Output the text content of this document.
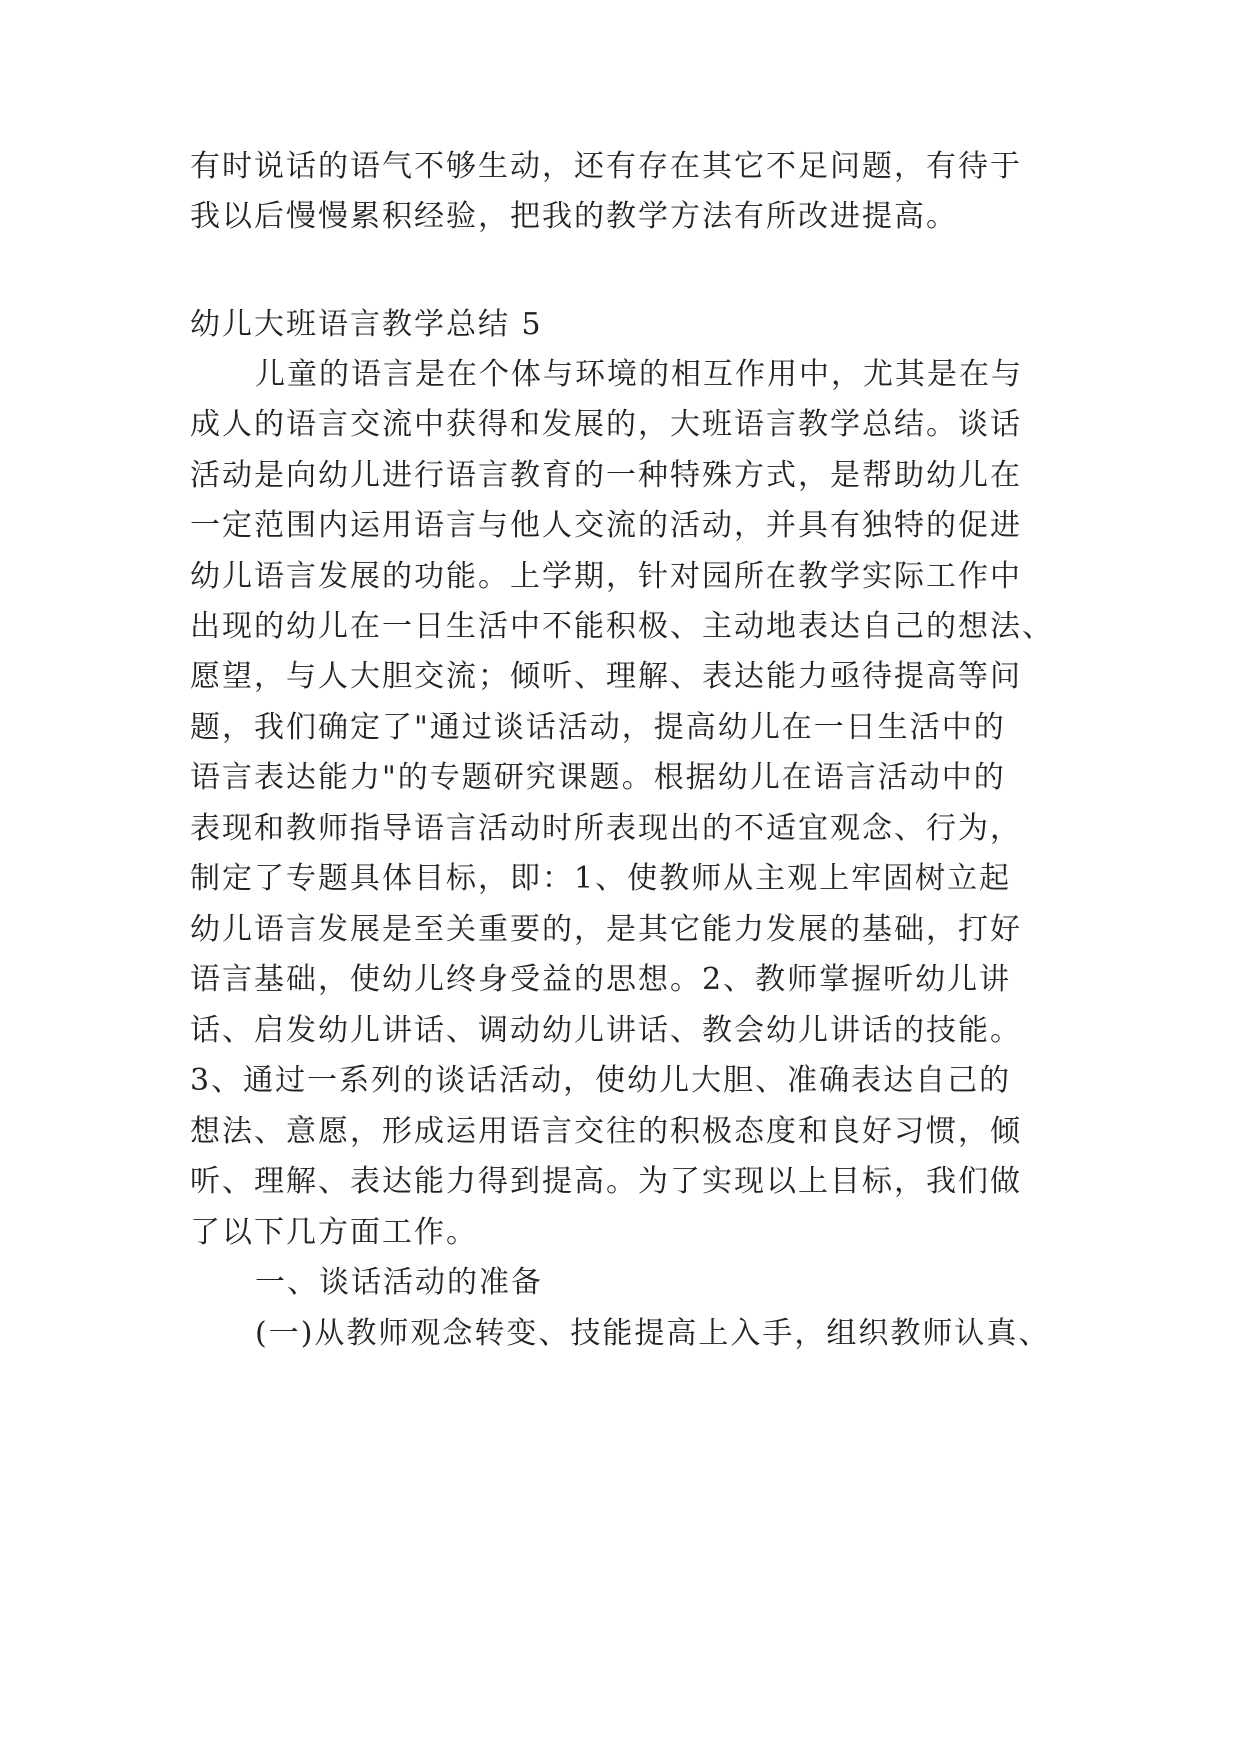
有时说话的语气不够生动，还有存在其它不足问题，有待于
我以后慢慢累积经验，把我的教学方法有所改进提高。
幼儿大班语言教学总结 5
儿童的语言是在个体与环境的相互作用中，尤其是在与
成人的语言交流中获得和发展的，大班语言教学总结。谈话
活动是向幼儿进行语言教育的一种特殊方式，是帮助幼儿在
一定范围内运用语言与他人交流的活动，并具有独特的促进
幼儿语言发展的功能。上学期，针对园所在教学实际工作中
出现的幼儿在一日生活中不能积极、主动地表达自己的想法、
愿望，与人大胆交流；倾听、理解、表达能力亟待提高等问
题，我们确定了"通过谈话活动，提高幼儿在一日生活中的
语言表达能力"的专题研究课题。根据幼儿在语言活动中的
表现和教师指导语言活动时所表现出的不适宜观念、行为，
制定了专题具体目标，即：1、使教师从主观上牢固树立起
幼儿语言发展是至关重要的，是其它能力发展的基础，打好
语言基础，使幼儿终身受益的思想。2、教师掌握听幼儿讲
话、启发幼儿讲话、调动幼儿讲话、教会幼儿讲话的技能。
3、通过一系列的谈话活动，使幼儿大胆、准确表达自己的
想法、意愿，形成运用语言交往的积极态度和良好习惯，倾
听、理解、表达能力得到提高。为了实现以上目标，我们做
了以下几方面工作。
一、谈话活动的准备
(一)从教师观念转变、技能提高上入手，组织教师认真、
